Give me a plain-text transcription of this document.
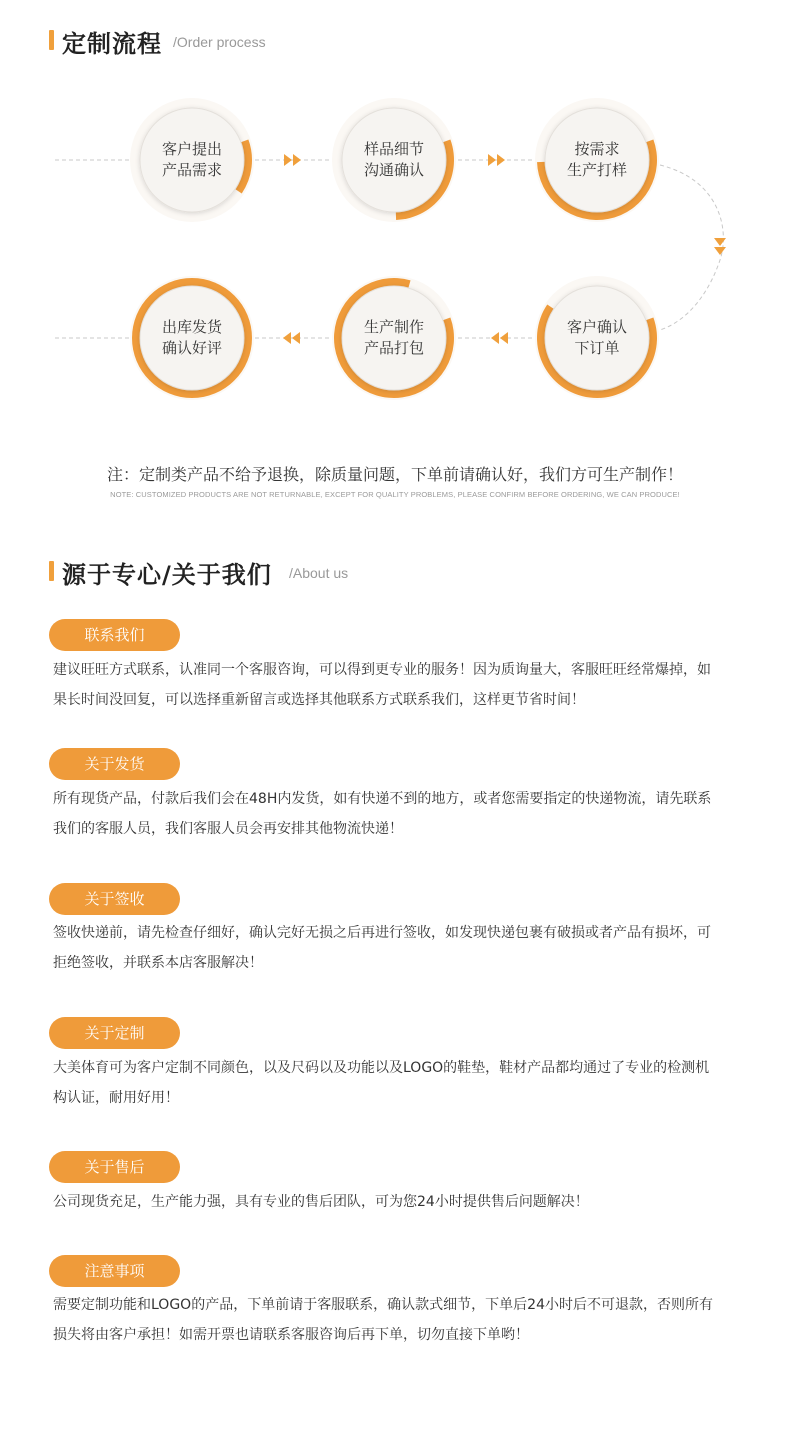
定制流程 /Order process
客户提出
产品需求
样品细节
沟通确认
按需求
生产打样
客户确认
下订单
生产制作
产品打包
出库发货
确认好评
注：定制类产品不给予退换，除质量问题，下单前请确认好，我们方可生产制作！
NOTE: CUSTOMIZED PRODUCTS ARE NOT RETURNABLE, EXCEPT FOR QUALITY PROBLEMS, PLEASE CONFIRM BEFORE ORDERING, WE CAN PRODUCE!
源于专心/关于我们 /About us
联系我们
建议旺旺方式联系，认准同一个客服咨询，可以得到更专业的服务！因为质询量大，客服旺旺经常爆掉，如
果长时间没回复，可以选择重新留言或选择其他联系方式联系我们，这样更节省时间！
关于发货
所有现货产品，付款后我们会在48H内发货，如有快递不到的地方，或者您需要指定的快递物流，请先联系
我们的客服人员，我们客服人员会再安排其他物流快递！
关于签收
签收快递前，请先检查仔细好，确认完好无损之后再进行签收，如发现快递包裹有破损或者产品有损坏，可
拒绝签收，并联系本店客服解决！
关于定制
大美体育可为客户定制不同颜色，以及尺码以及功能以及LOGO的鞋垫，鞋材产品都均通过了专业的检测机
构认证，耐用好用！
关于售后
公司现货充足，生产能力强，具有专业的售后团队，可为您24小时提供售后问题解决！
注意事项
需要定制功能和LOGO的产品，下单前请于客服联系，确认款式细节，下单后24小时后不可退款，否则所有
损失将由客户承担！如需开票也请联系客服咨询后再下单，切勿直接下单哟！
